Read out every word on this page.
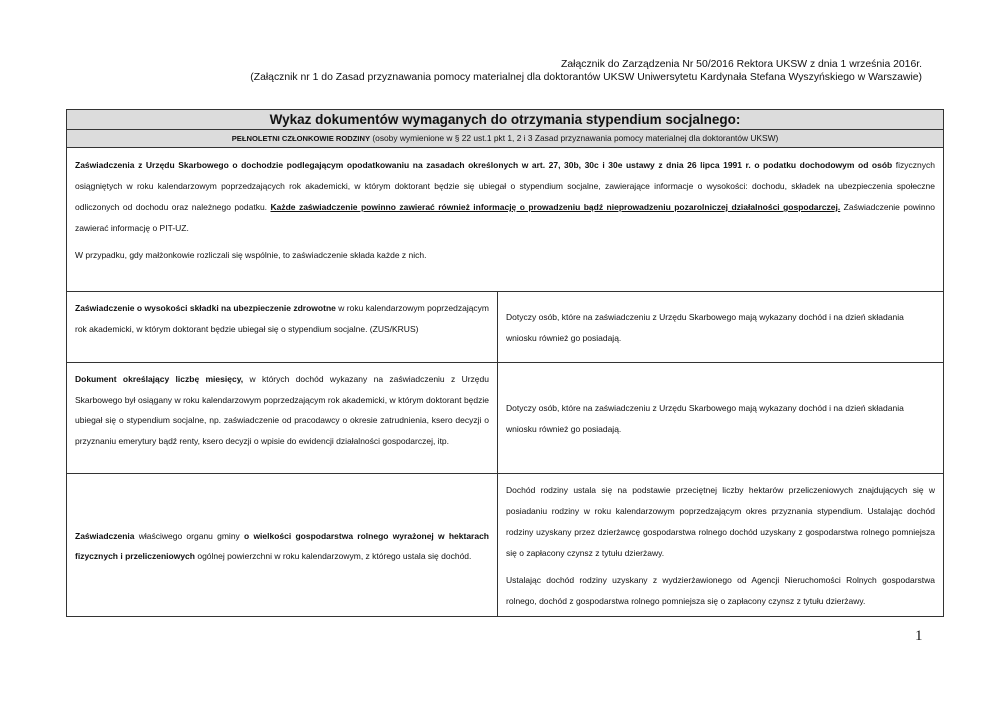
Załącznik do Zarządzenia Nr 50/2016 Rektora UKSW z dnia 1 września 2016r.
(Załącznik nr 1 do Zasad przyznawania pomocy materialnej dla doktorantów UKSW Uniwersytetu Kardynała Stefana Wyszyńskiego w Warszawie)
Wykaz dokumentów wymaganych do otrzymania stypendium socjalnego:	
PEŁNOLETNI CZŁONKOWIE RODZINY (osoby wymienione w § 22 ust.1 pkt 1, 2 i 3 Zasad przyznawania pomocy materialnej dla doktorantów UKSW)	

Zaświadczenia z Urzędu Skarbowego o dochodzie podlegającym opodatkowaniu na zasadach określonych w art. 27, 30b, 30c i 30e ustawy z dnia 26 lipca 1991 r. o podatku dochodowym od osób fizycznych osiągniętych w roku kalendarzowym poprzedzających rok akademicki, w którym doktorant będzie się ubiegał o stypendium socjalne, zawierające informacje o wysokości: dochodu, składek na ubezpieczenia społeczne odliczonych od dochodu oraz należnego podatku. Każde zaświadczenie powinno zawierać również informację o prowadzeniu bądź nieprowadzeniu pozarolniczej działalności gospodarczej. Zaświadczenie powinno zawierać informację o PIT-UZ.

W przypadku, gdy małżonkowie rozliczali się wspólnie, to zaświadczenie składa każde z nich.	

Zaświadczenie o wysokości składki na ubezpieczenie zdrowotne w roku kalendarzowym poprzedzającym rok akademicki, w którym doktorant będzie ubiegał się o stypendium socjalne. (ZUS/KRUS)	Dotyczy osób, które na zaświadczeniu z Urzędu Skarbowego mają wykazany dochód i na dzień składania wniosku również go posiadają.

Dokument określający liczbę miesięcy, w których dochód wykazany na zaświadczeniu z Urzędu Skarbowego był osiągany w roku kalendarzowym poprzedzającym rok akademicki, w którym doktorant będzie ubiegał się o stypendium socjalne, np. zaświadczenie od pracodawcy o okresie zatrudnienia, ksero decyzji o przyznaniu emerytury bądź renty, ksero decyzji o wpisie do ewidencji działalności gospodarczej, itp.	Dotyczy osób, które na zaświadczeniu z Urzędu Skarbowego mają wykazany dochód i na dzień składania wniosku również go posiadają.

Zaświadczenia właściwego organu gminy o wielkości gospodarstwa rolnego wyrażonej w hektarach fizycznych i przeliczeniowych ogólnej powierzchni w roku kalendarzowym, z którego ustala się dochód.	Dochód rodziny ustala się na podstawie przeciętnej liczby hektarów przeliczeniowych znajdujących się w posiadaniu rodziny w roku kalendarzowym poprzedzającym okres przyznania stypendium. Ustalając dochód rodziny uzyskany przez dzierżawcę gospodarstwa rolnego dochód uzyskany z gospodarstwa rolnego pomniejsza się o zapłacony czynsz z tytułu dzierżawy.

Ustalając dochód rodziny uzyskany z wydzierżawionego od Agencji Nieruchomości Rolnych gospodarstwa rolnego, dochód z gospodarstwa rolnego pomniejsza się o zapłacony czynsz z tytułu dzierżawy.

1
